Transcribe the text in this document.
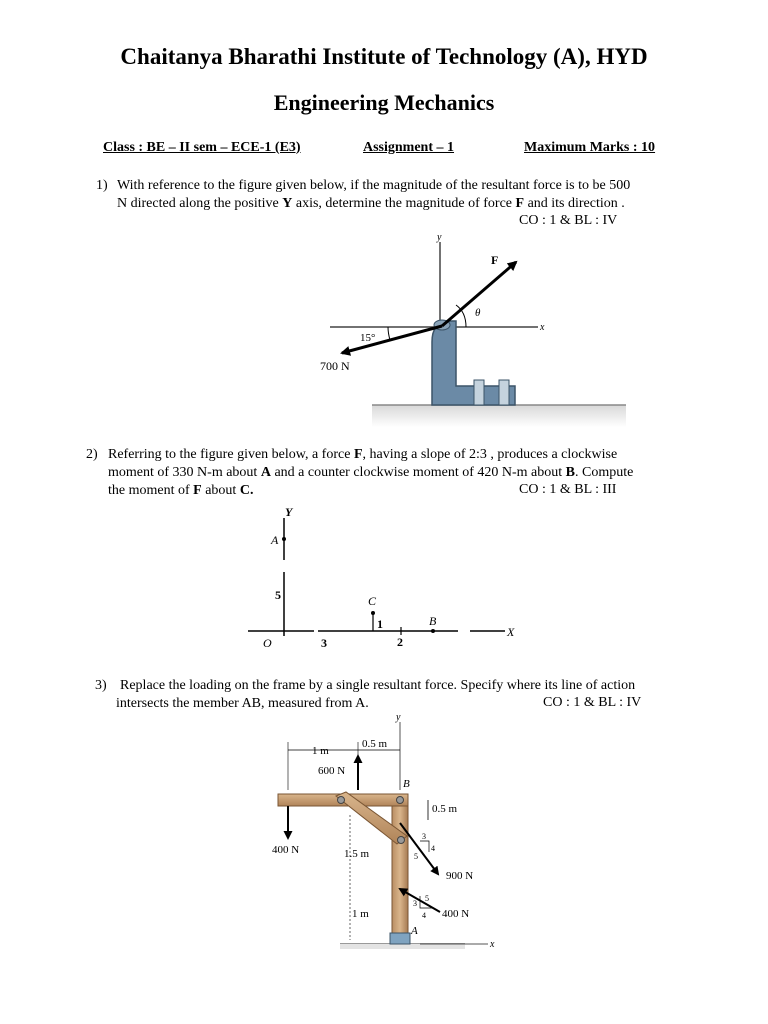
Chaitanya Bharathi Institute of Technology (A), HYD
Engineering Mechanics
Class : BE – II sem – ECE-1 (E3)	Assignment – 1	Maximum Marks : 10
1) With reference to the figure given below, if the magnitude of the resultant force is to be 500
N directed along the positive Y axis, determine the magnitude of force F and its direction .
CO : 1 & BL : IV
y
x
700 N
15°
θ
F
2) Referring to the figure given below, a force F, having a slope of 2:3 , produces a clockwise
moment of 330 N-m about A and a counter clockwise moment of 420 N-m about B. Compute
the moment of F about C.	CO : 1 & BL : III
Y
A
5
O	3
C
1
2
B
X
3) Replace the loading on the frame by a single resultant force. Specify where its line of action
intersects the member AB, measured from A.	CO : 1 & BL : IV
y
x
1 m
0.5 m
600 N
B
0.5 m
400 N	1.5 m
3
4
5
900 N
3
4
5
400 N
1 m
A
